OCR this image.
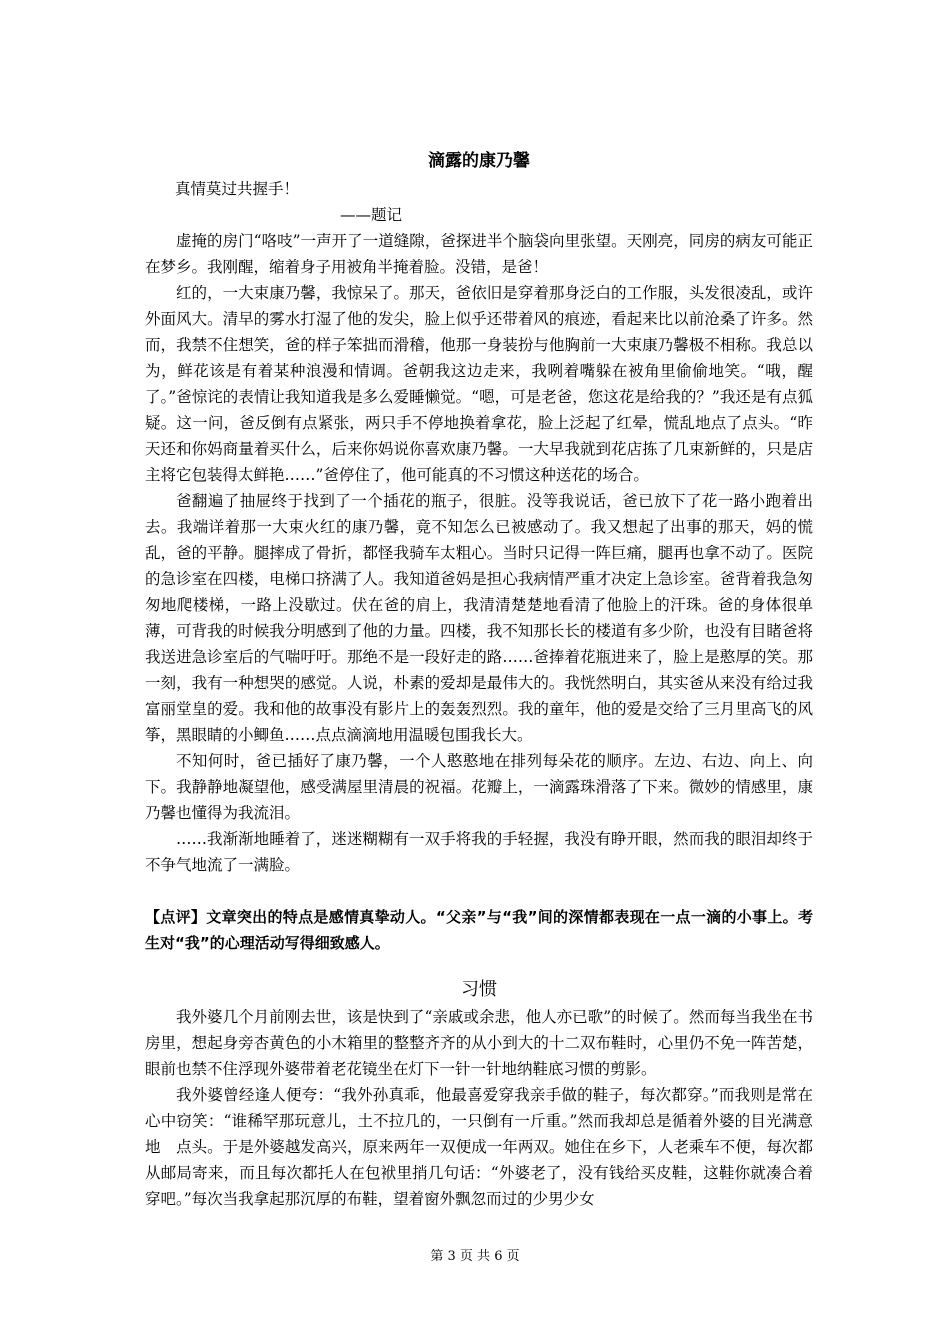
滴露的康乃馨

真情莫过共握手！

——题记

虚掩的房门“咯吱”一声开了一道缝隙，爸探进半个脑袋向里张望。天刚亮，同房的病友可能正在梦乡。我刚醒，缩着身子用被角半掩着脸。没错，是爸！

红的，一大束康乃馨，我惊呆了。那天，爸依旧是穿着那身泛白的工作服，头发很凌乱，或许外面风大。清早的雾水打湿了他的发尖，脸上似乎还带着风的痕迹，看起来比以前沧桑了许多。然而，我禁不住想笑，爸的样子笨拙而滑稽，他那一身装扮与他胸前一大束康乃馨极不相称。我总以为，鲜花该是有着某种浪漫和情调。爸朝我这边走来，我咧着嘴躲在被角里偷偷地笑。“哦，醒了。”爸惊诧的表情让我知道我是多么爱睡懒觉。“嗯，可是老爸，您这花是给我的？”我还是有点狐疑。这一问，爸反倒有点紧张，两只手不停地换着拿花，脸上泛起了红晕，慌乱地点了点头。“昨天还和你妈商量着买什么，后来你妈说你喜欢康乃馨。一大早我就到花店拣了几束新鲜的，只是店主将它包装得太鲜艳……”爸停住了，他可能真的不习惯这种送花的场合。

爸翻遍了抽屉终于找到了一个插花的瓶子，很脏。没等我说话，爸已放下了花一路小跑着出去。我端详着那一大束火红的康乃馨，竟不知怎么已被感动了。我又想起了出事的那天，妈的慌乱，爸的平静。腿摔成了骨折，都怪我骑车太粗心。当时只记得一阵巨痛，腿再也拿不动了。医院的急诊室在四楼，电梯口挤满了人。我知道爸妈是担心我病情严重才决定上急诊室。爸背着我急匆匆地爬楼梯，一路上没歇过。伏在爸的肩上，我清清楚楚地看清了他脸上的汗珠。爸的身体很单薄，可背我的时候我分明感到了他的力量。四楼，我不知那长长的楼道有多少阶，也没有目睹爸将我送进急诊室后的气喘吁吁。那绝不是一段好走的路……爸捧着花瓶进来了，脸上是憨厚的笑。那一刻，我有一种想哭的感觉。人说，朴素的爱却是最伟大的。我恍然明白，其实爸从来没有给过我富丽堂皇的爱。我和他的故事没有影片上的轰轰烈烈。我的童年，他的爱是交给了三月里高飞的风筝，黑眼睛的小鲫鱼……点点滴滴地用温暖包围我长大。

不知何时，爸已插好了康乃馨，一个人憨憨地在排列每朵花的顺序。左边、右边、向上、向下。我静静地凝望他，感受满屋里清晨的祝福。花瓣上，一滴露珠滑落了下来。微妙的情感里，康乃馨也懂得为我流泪。

……我渐渐地睡着了，迷迷糊糊有一双手将我的手轻握，我没有睁开眼，然而我的眼泪却终于不争气地流了一满脸。

【点评】文章突出的特点是感情真挚动人。“父亲”与“我”间的深情都表现在一点一滴的小事上。考生对“我”的心理活动写得细致感人。

习惯

我外婆几个月前刚去世，该是快到了“亲戚或余悲，他人亦已歌”的时候了。然而每当我坐在书房里，想起身旁杏黄色的小木箱里的整整齐齐的从小到大的十二双布鞋时，心里仍不免一阵苦楚，眼前也禁不住浮现外婆带着老花镜坐在灯下一针一针地纳鞋底习惯的剪影。

我外婆曾经逢人便夸：“我外孙真乖，他最喜爱穿我亲手做的鞋子，每次都穿。”而我则是常在心中窃笑：“谁稀罕那玩意儿，土不拉几的，一只倒有一斤重。”然而我却总是循着外婆的目光满意地　点头。于是外婆越发高兴，原来两年一双便成一年两双。她住在乡下，人老乘车不便，每次都从邮局寄来，而且每次都托人在包袱里捎几句话：“外婆老了，没有钱给买皮鞋，这鞋你就凑合着穿吧。”每次当我拿起那沉厚的布鞋，望着窗外飘忽而过的少男少女

第 3 页 共 6 页
